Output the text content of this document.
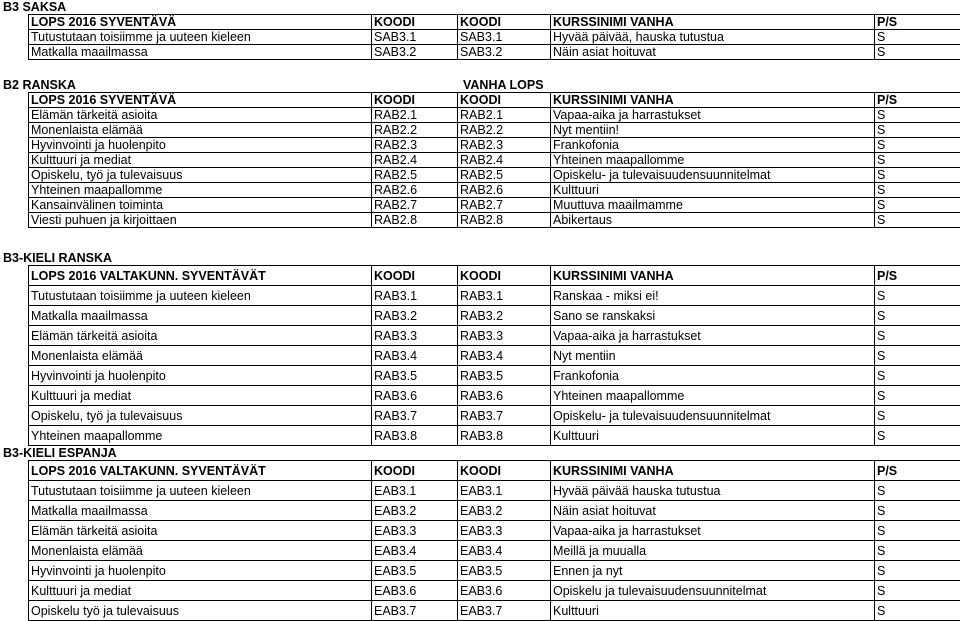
B3 SAKSA
LOPS 2016 SYVENTÄVÄ	KOODI	KOODI	KURSSINIMI VANHA	P/S
Tutustutaan toisiimme ja uuteen kieleen	SAB3.1	SAB3.1	Hyvää päivää, hauska tutustua	S
Matkalla maailmassa	SAB3.2	SAB3.2	Näin asiat hoituvat	S
B2 RANSKA	VANHA LOPS
LOPS 2016 SYVENTÄVÄ	KOODI	KOODI	KURSSINIMI VANHA	P/S
Elämän tärkeitä asioita	RAB2.1	RAB2.1	Vapaa-aika ja harrastukset	S
Monenlaista elämää	RAB2.2	RAB2.2	Nyt mentiin!	S
Hyvinvointi ja huolenpito	RAB2.3	RAB2.3	Frankofonia	S
Kulttuuri ja mediat	RAB2.4	RAB2.4	Yhteinen maapallomme	S
Opiskelu, työ ja tulevaisuus	RAB2.5	RAB2.5	Opiskelu- ja tulevaisuudensuunnitelmat	S
Yhteinen maapallomme	RAB2.6	RAB2.6	Kulttuuri	S
Kansainvälinen toiminta	RAB2.7	RAB2.7	Muuttuva maailmamme	S
Viesti puhuen ja kirjoittaen	RAB2.8	RAB2.8	Abikertaus	S
B3-KIELI RANSKA
LOPS 2016 VALTAKUNN. SYVENTÄVÄT	KOODI	KOODI	KURSSINIMI VANHA	P/S
Tutustutaan toisiimme ja uuteen kieleen	RAB3.1	RAB3.1	Ranskaa - miksi ei!	S
Matkalla maailmassa	RAB3.2	RAB3.2	Sano se ranskaksi	S
Elämän tärkeitä asioita	RAB3.3	RAB3.3	Vapaa-aika ja harrastukset	S
Monenlaista elämää	RAB3.4	RAB3.4	Nyt mentiin	S
Hyvinvointi ja huolenpito	RAB3.5	RAB3.5	Frankofonia	S
Kulttuuri ja mediat	RAB3.6	RAB3.6	Yhteinen maapallomme	S
Opiskelu, työ ja tulevaisuus	RAB3.7	RAB3.7	Opiskelu- ja tulevaisuudensuunnitelmat	S
Yhteinen maapallomme	RAB3.8	RAB3.8	Kulttuuri	S
B3-KIELI ESPANJA
LOPS 2016 VALTAKUNN. SYVENTÄVÄT	KOODI	KOODI	KURSSINIMI VANHA	P/S
Tutustutaan toisiimme ja uuteen kieleen	EAB3.1	EAB3.1	Hyvää päivää hauska tutustua	S
Matkalla maailmassa	EAB3.2	EAB3.2	Näin asiat hoituvat	S
Elämän tärkeitä asioita	EAB3.3	EAB3.3	Vapaa-aika ja harrastukset	S
Monenlaista elämää	EAB3.4	EAB3.4	Meillä ja muualla	S
Hyvinvointi ja huolenpito	EAB3.5	EAB3.5	Ennen ja nyt	S
Kulttuuri ja mediat	EAB3.6	EAB3.6	Opiskelu ja tulevaisuudensuunnitelmat	S
Opiskelu työ ja tulevaisuus	EAB3.7	EAB3.7	Kulttuuri	S
